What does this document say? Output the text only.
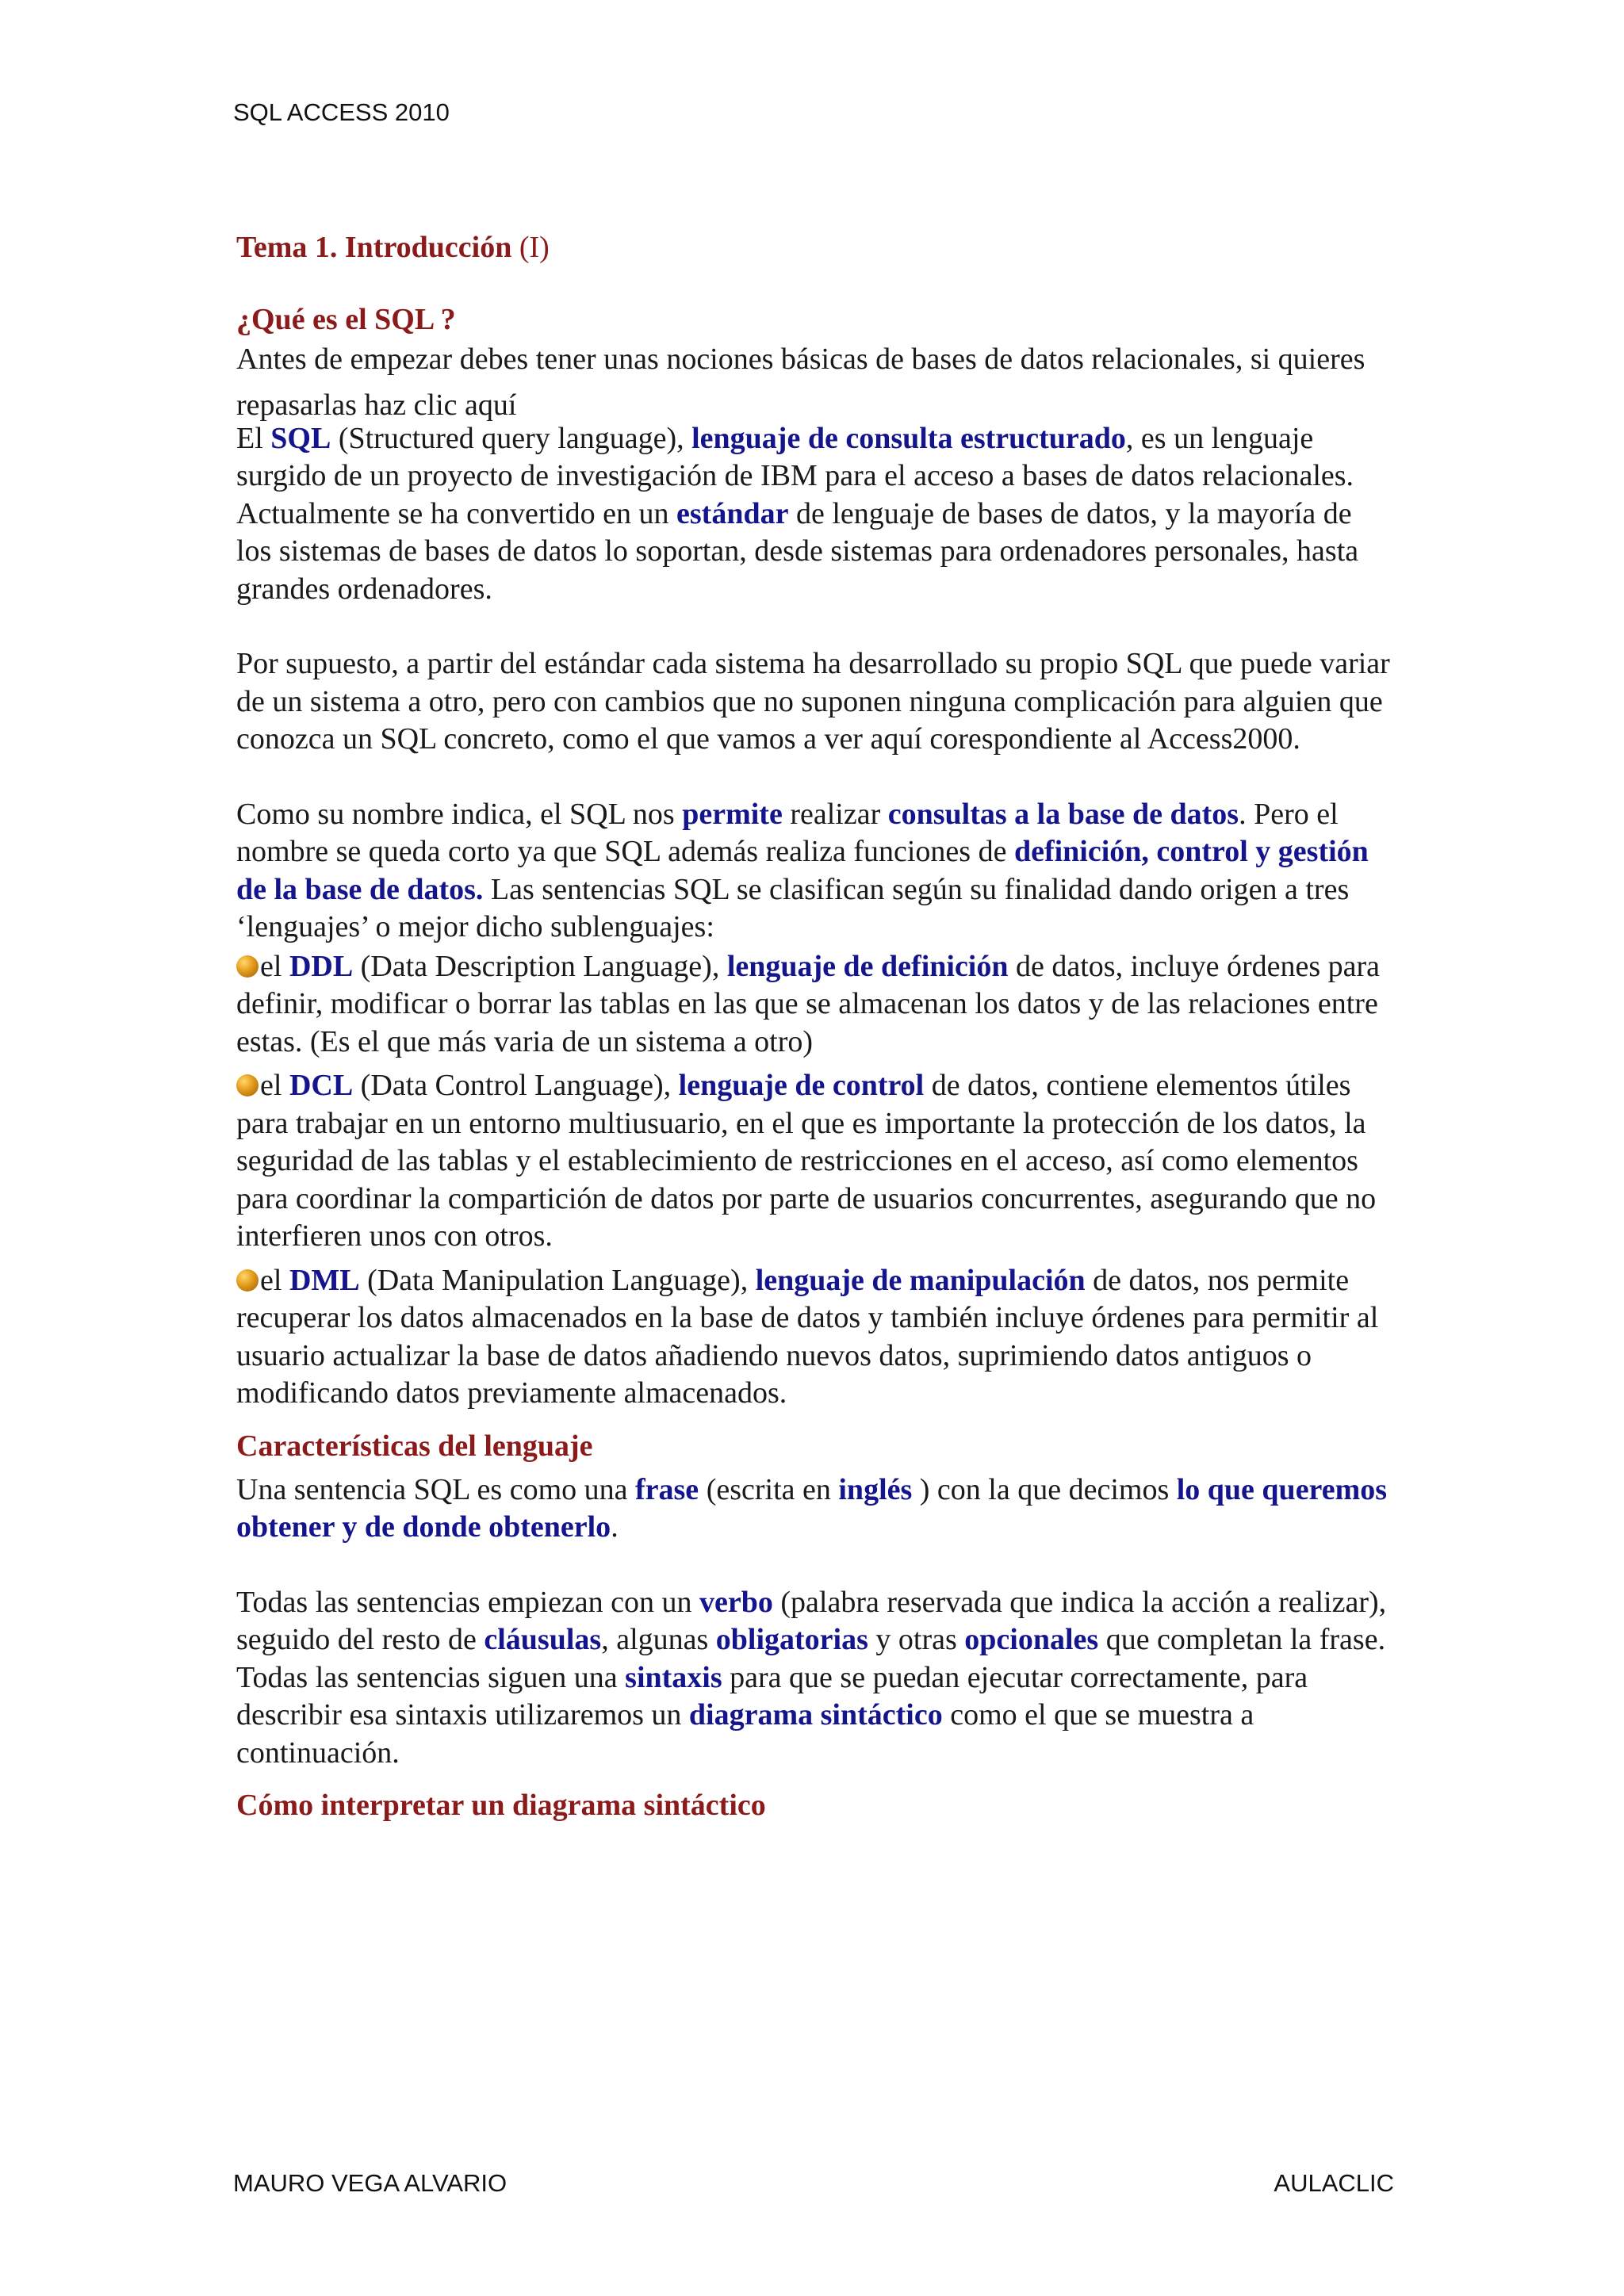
SQL ACCESS 2010

Tema 1. Introducción (I)

¿Qué es el SQL ?

Antes de empezar debes tener unas nociones básicas de bases de datos relacionales, si quieres repasarlas haz clic aquí

El SQL (Structured query language), lenguaje de consulta estructurado, es un lenguaje surgido de un proyecto de investigación de IBM para el acceso a bases de datos relacionales. Actualmente se ha convertido en un estándar de lenguaje de bases de datos, y la mayoría de los sistemas de bases de datos lo soportan, desde sistemas para ordenadores personales, hasta grandes ordenadores.

Por supuesto, a partir del estándar cada sistema ha desarrollado su propio SQL que puede variar de un sistema a otro, pero con cambios que no suponen ninguna complicación para alguien que conozca un SQL concreto, como el que vamos a ver aquí corespondiente al Access2000.

Como su nombre indica, el SQL nos permite realizar consultas a la base de datos. Pero el nombre se queda corto ya que SQL además realiza funciones de definición, control y gestión de la base de datos. Las sentencias SQL se clasifican según su finalidad dando origen a tres ‘lenguajes’ o mejor dicho sublenguajes:

el DDL (Data Description Language), lenguaje de definición de datos, incluye órdenes para definir, modificar o borrar las tablas en las que se almacenan los datos y de las relaciones entre estas. (Es el que más varia de un sistema a otro)

el DCL (Data Control Language), lenguaje de control de datos, contiene elementos útiles para trabajar en un entorno multiusuario, en el que es importante la protección de los datos, la seguridad de las tablas y el establecimiento de restricciones en el acceso, así como elementos para coordinar la compartición de datos por parte de usuarios concurrentes, asegurando que no interfieren unos con otros.

el DML (Data Manipulation Language), lenguaje de manipulación de datos, nos permite recuperar los datos almacenados en la base de datos y también incluye órdenes para permitir al usuario actualizar la base de datos añadiendo nuevos datos, suprimiendo datos antiguos o modificando datos previamente almacenados.

Características del lenguaje

Una sentencia SQL es como una frase (escrita en inglés ) con la que decimos lo que queremos obtener y de donde obtenerlo.

Todas las sentencias empiezan con un verbo (palabra reservada que indica la acción a realizar), seguido del resto de cláusulas, algunas obligatorias y otras opcionales que completan la frase. Todas las sentencias siguen una sintaxis para que se puedan ejecutar correctamente, para describir esa sintaxis utilizaremos un diagrama sintáctico como el que se muestra a continuación.

Cómo interpretar un diagrama sintáctico

MAURO VEGA ALVARIO	AULACLIC
